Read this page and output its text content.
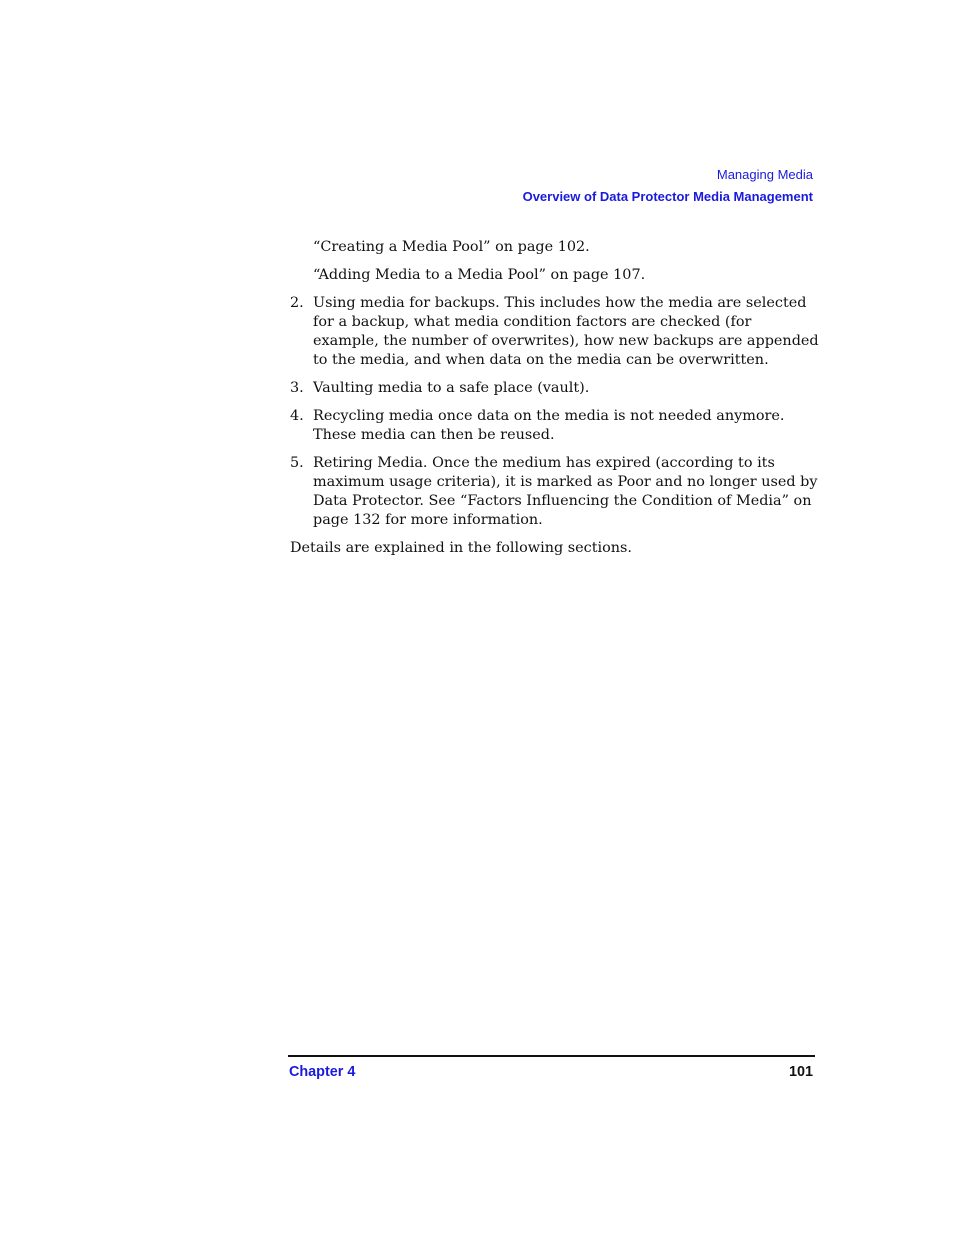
Managing Media
Overview of Data Protector Media Management
“Creating a Media Pool” on page 102.
“Adding Media to a Media Pool” on page 107.
2. Using media for backups. This includes how the media are selected for a backup, what media condition factors are checked (for example, the number of overwrites), how new backups are appended to the media, and when data on the media can be overwritten.
3. Vaulting media to a safe place (vault).
4. Recycling media once data on the media is not needed anymore. These media can then be reused.
5. Retiring Media. Once the medium has expired (according to its maximum usage criteria), it is marked as Poor and no longer used by Data Protector. See “Factors Influencing the Condition of Media” on page 132 for more information.
Details are explained in the following sections.
Chapter 4	101
